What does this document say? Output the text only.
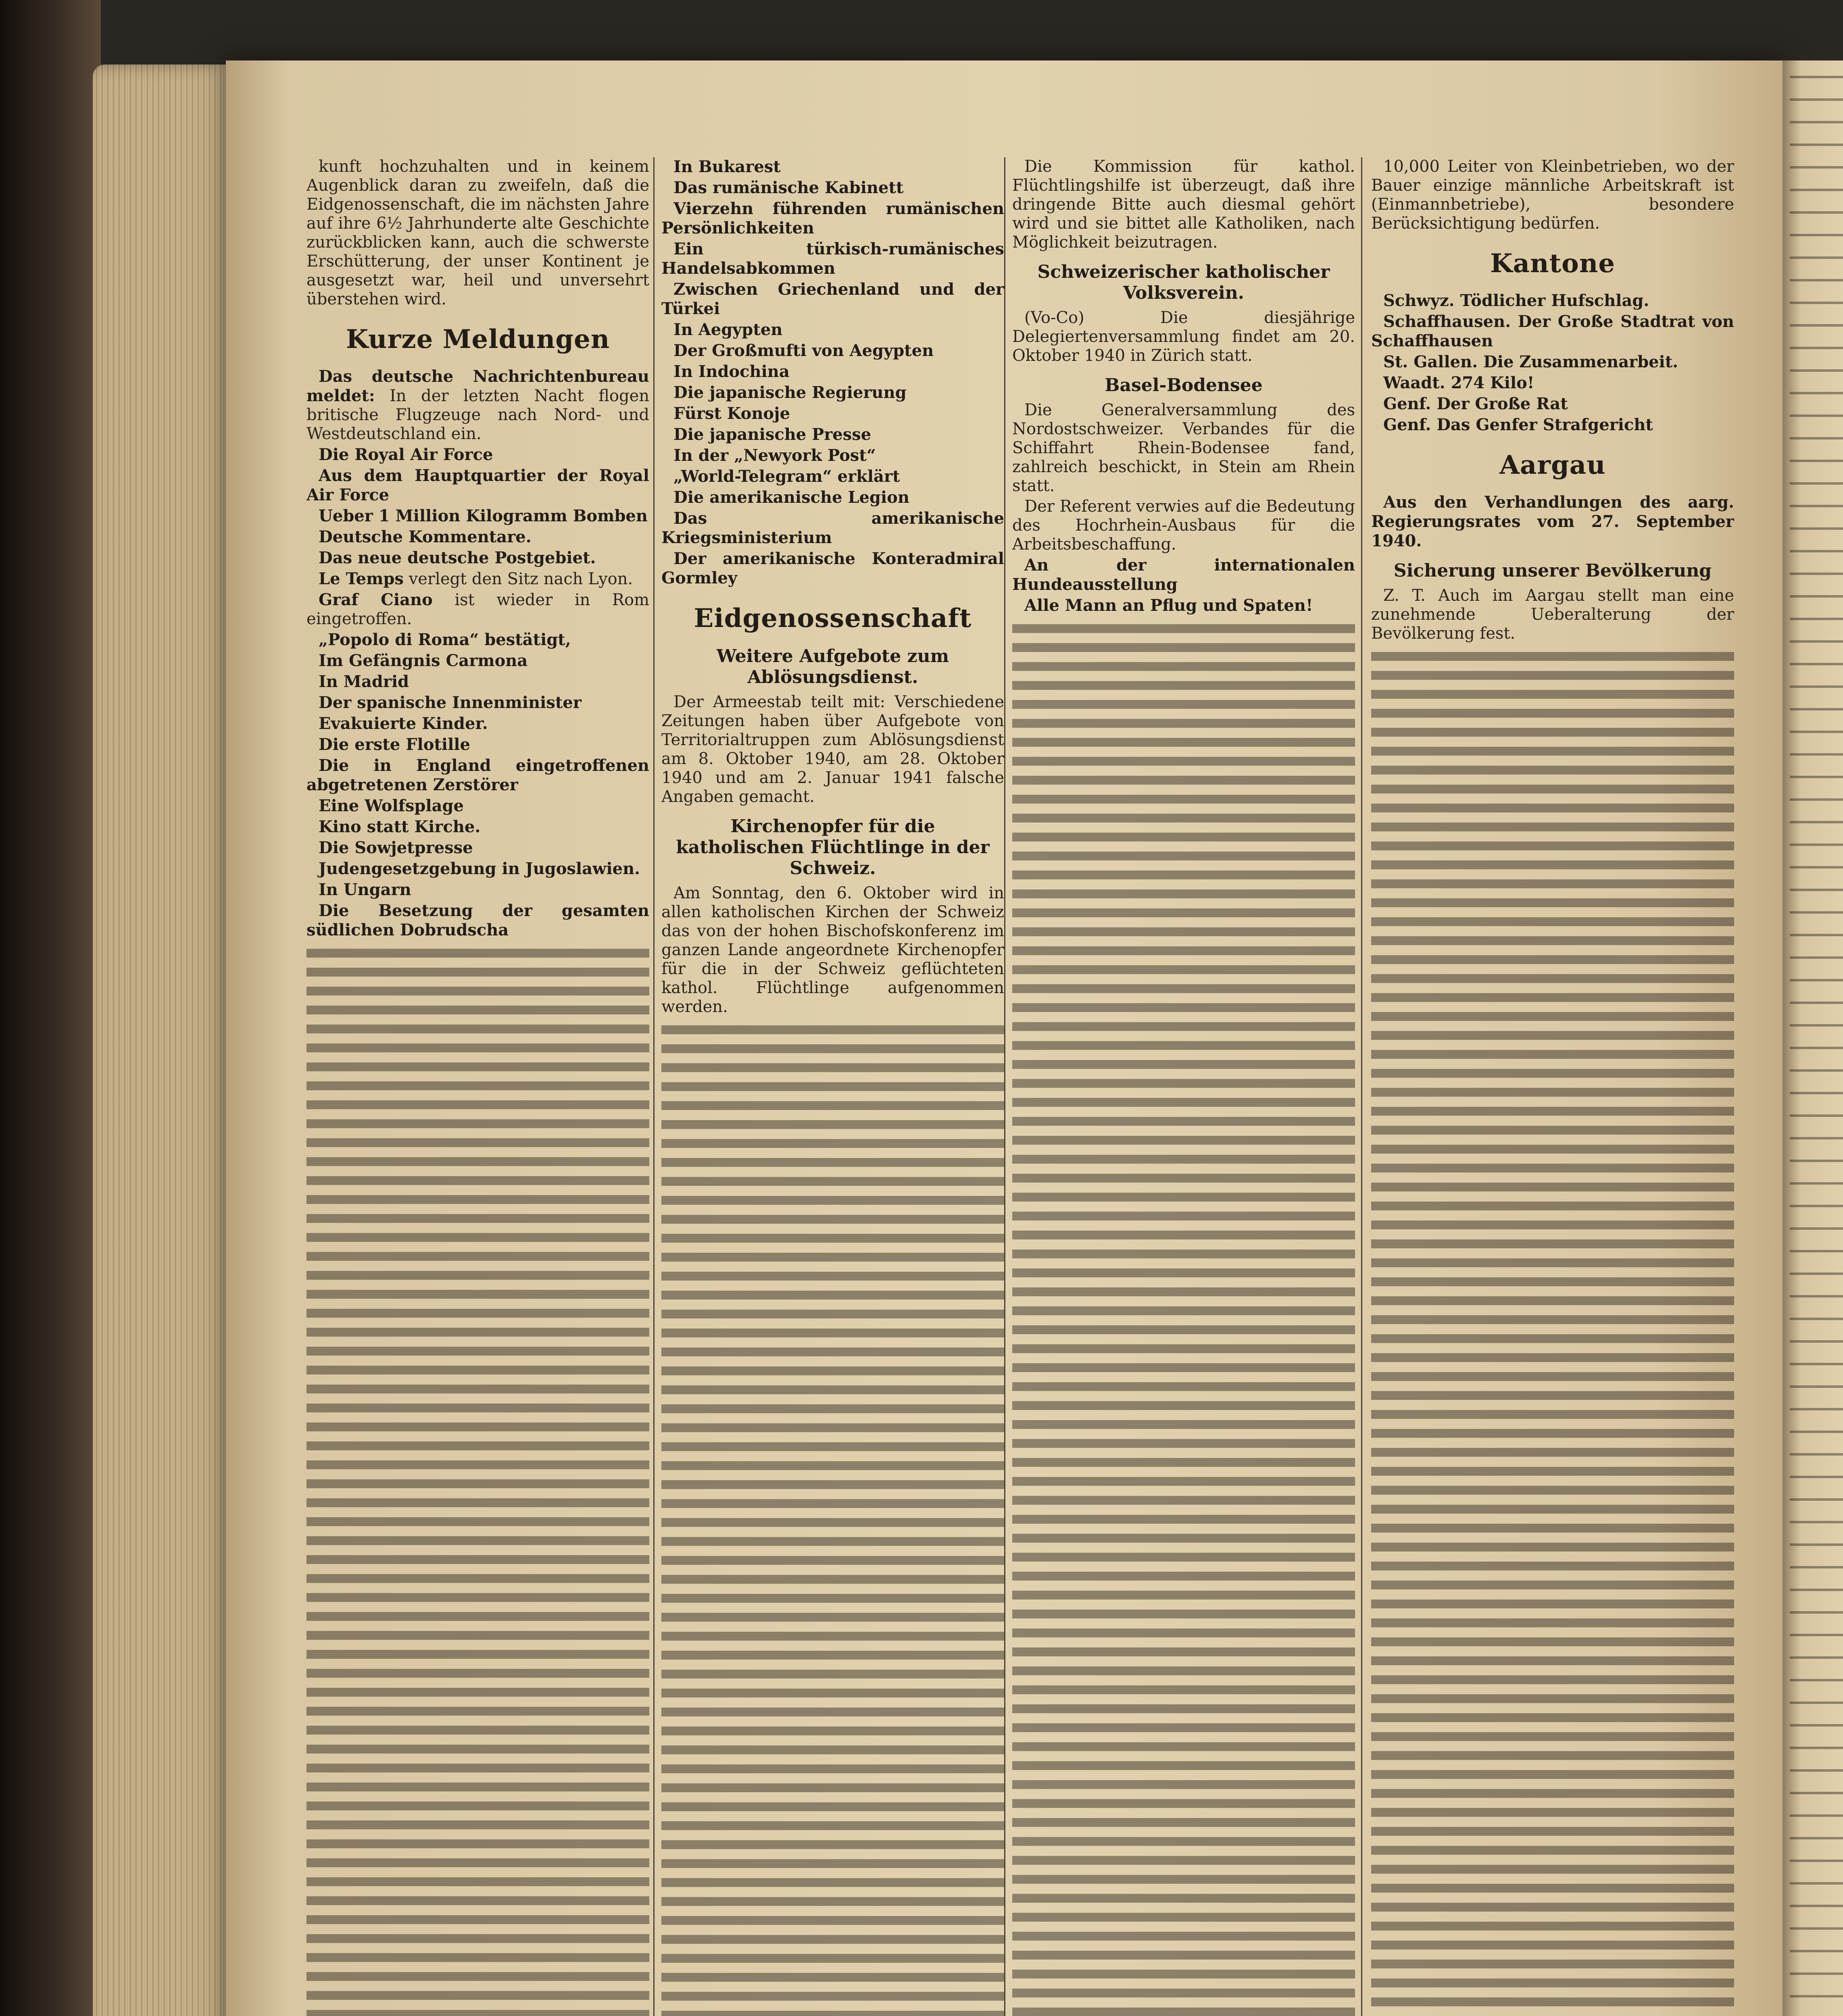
kunft hochzuhalten und in keinem Augenblick daran zu zweifeln, daß die Eidgenossenschaft, die im nächsten Jahre auf ihre 6½ Jahrhunderte alte Geschichte zurückblicken kann, auch die schwerste Erschütterung, der unser Kontinent je ausgesetzt war, heil und unversehrt überstehen wird.

Kurze Meldungen

Das deutsche Nachrichtenbureau meldet: In der letzten Nacht flogen britische Flugzeuge nach Nord- und Westdeutschland ein.

Die Royal Air Force

Aus dem Hauptquartier der Royal Air Force

Ueber 1 Million Kilogramm Bomben

Deutsche Kommentare.

Das neue deutsche Postgebiet.

Le Temps verlegt den Sitz nach Lyon.

Graf Ciano ist wieder in Rom eingetroffen.

„Popolo di Roma“ bestätigt,

Im Gefängnis Carmona

In Madrid

Der spanische Innenminister

Evakuierte Kinder.

Die erste Flotille

Die in England eingetroffenen abgetretenen Zerstörer

Eine Wolfsplage

Kino statt Kirche.

Die Sowjetpresse

Judengesetzgebung in Jugoslawien.

In Ungarn

Die Besetzung der gesamten südlichen Dobrudscha

In Bukarest

Das rumänische Kabinett

Vierzehn führenden rumänischen Persönlichkeiten

Ein türkisch-rumänisches Handelsabkommen

Zwischen Griechenland und der Türkei

In Aegypten

Der Großmufti von Aegypten

In Indochina

Die japanische Regierung

Fürst Konoje

Die japanische Presse

In der „Newyork Post“

„World-Telegram“ erklärt

Die amerikanische Legion

Das amerikanische Kriegsministerium

Der amerikanische Konteradmiral Gormley

Eidgenossenschaft
Weitere Aufgebote zum Ablösungsdienst.

Der Armeestab teilt mit: Verschiedene Zeitungen haben über Aufgebote von Territorialtruppen zum Ablösungsdienst am 8. Oktober 1940, am 28. Oktober 1940 und am 2. Januar 1941 falsche Angaben gemacht.

Kirchenopfer für die katholischen Flüchtlinge in der Schweiz.

Am Sonntag, den 6. Oktober wird in allen katholischen Kirchen der Schweiz das von der hohen Bischofskonferenz im ganzen Lande angeordnete Kirchenopfer für die in der Schweiz geflüchteten kathol. Flüchtlinge aufgenommen werden.

Die Kommission für kathol. Flüchtlingshilfe ist überzeugt, daß ihre dringende Bitte auch diesmal gehört wird und sie bittet alle Katholiken, nach Möglichkeit beizutragen.

Schweizerischer katholischer Volksverein.

(Vo-Co) Die diesjährige Delegiertenversammlung findet am 20. Oktober 1940 in Zürich statt.

Basel-Bodensee

Die Generalversammlung des Nordostschweizer. Verbandes für die Schiffahrt Rhein-Bodensee fand, zahlreich beschickt, in Stein am Rhein statt.

Der Referent verwies auf die Bedeutung des Hochrhein-Ausbaus für die Arbeitsbeschaffung.

An der internationalen Hundeausstellung

Alle Mann an Pflug und Spaten!

10,000 Leiter von Kleinbetrieben, wo der Bauer einzige männliche Arbeitskraft ist (Einmannbetriebe), besondere Berücksichtigung bedürfen.

Kantone

Schwyz. Tödlicher Hufschlag.

Schaffhausen. Der Große Stadtrat von Schaffhausen

St. Gallen. Die Zusammenarbeit.

Waadt. 274 Kilo!

Genf. Der Große Rat

Genf. Das Genfer Strafgericht

Aargau

Aus den Verhandlungen des aarg. Regierungsrates vom 27. September 1940.

Sicherung unserer Bevölkerung

Z. T. Auch im Aargau stellt man eine zunehmende Ueberalterung der Bevölkerung fest.
